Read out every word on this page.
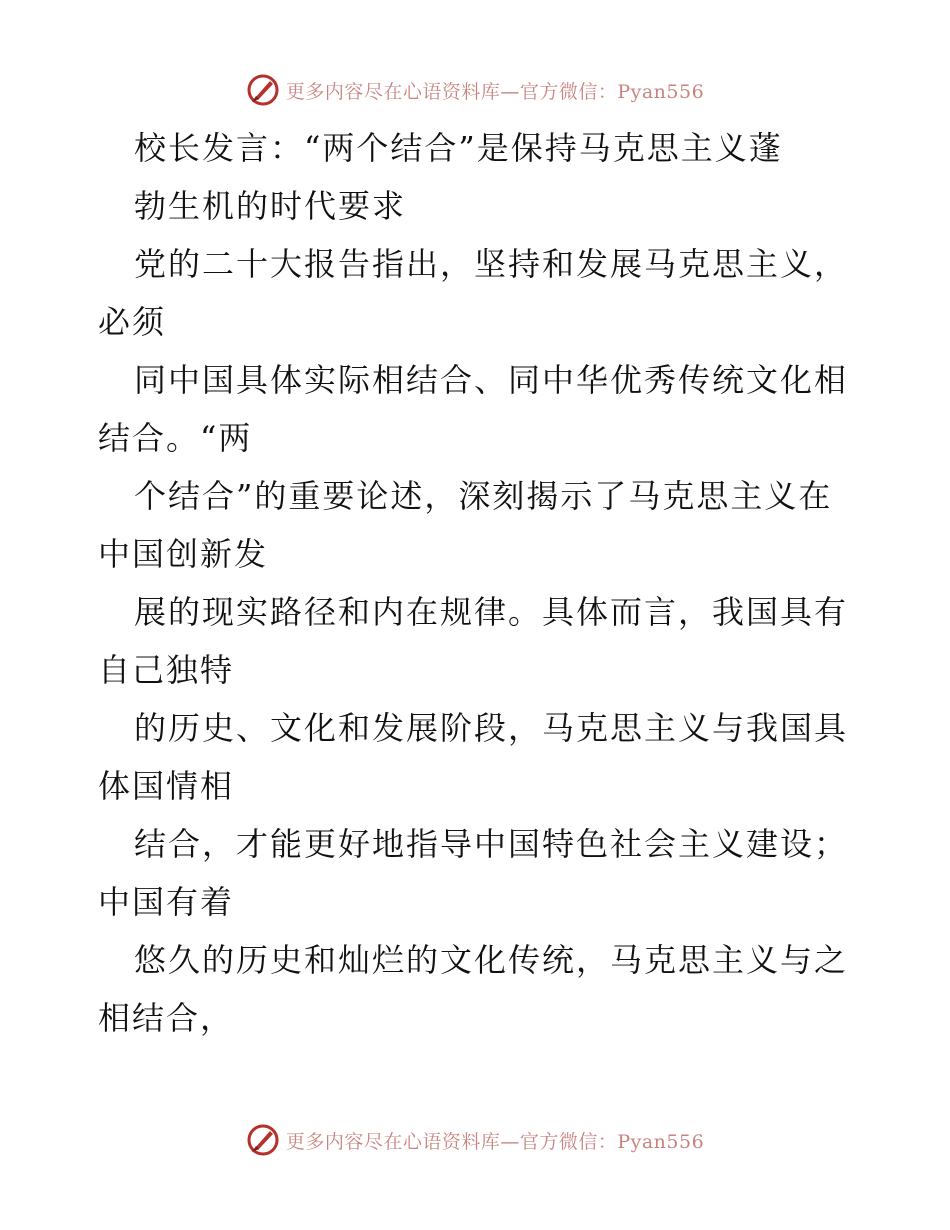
更多内容尽在心语资料库—官方微信：Pyan556
校长发言：“两个结合”是保持马克思主义蓬
勃生机的时代要求
党的二十大报告指出，坚持和发展马克思主义，
必须
同中国具体实际相结合、同中华优秀传统文化相
结合。“两
个结合”的重要论述，深刻揭示了马克思主义在
中国创新发
展的现实路径和内在规律。具体而言，我国具有
自己独特
的历史、文化和发展阶段，马克思主义与我国具
体国情相
结合，才能更好地指导中国特色社会主义建设；
中国有着
悠久的历史和灿烂的文化传统，马克思主义与之
相结合，
更多内容尽在心语资料库—官方微信：Pyan556
